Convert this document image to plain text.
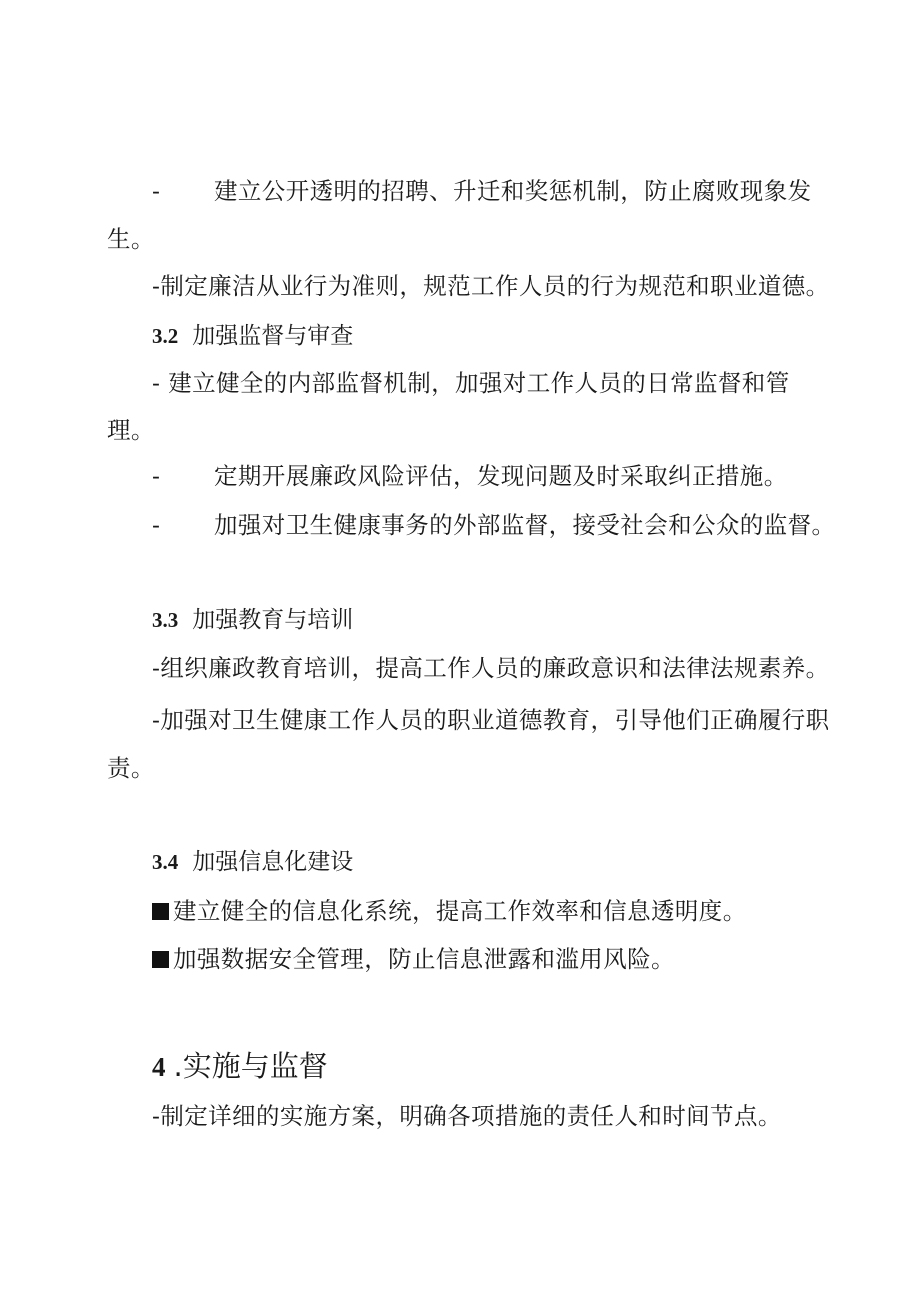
- 建立公开透明的招聘、升迁和奖惩机制，防止腐败现象发
生。
-制定廉洁从业行为准则，规范工作人员的行为规范和职业道德。
3.2 加强监督与审查
- 建立健全的内部监督机制，加强对工作人员的日常监督和管
理。
- 定期开展廉政风险评估，发现问题及时采取纠正措施。
- 加强对卫生健康事务的外部监督，接受社会和公众的监督。
3.3 加强教育与培训
-组织廉政教育培训，提高工作人员的廉政意识和法律法规素养。
-加强对卫生健康工作人员的职业道德教育，引导他们正确履行职
责。
3.4 加强信息化建设
建立健全的信息化系统，提高工作效率和信息透明度。
加强数据安全管理，防止信息泄露和滥用风险。
4 .实施与监督
-制定详细的实施方案，明确各项措施的责任人和时间节点。
